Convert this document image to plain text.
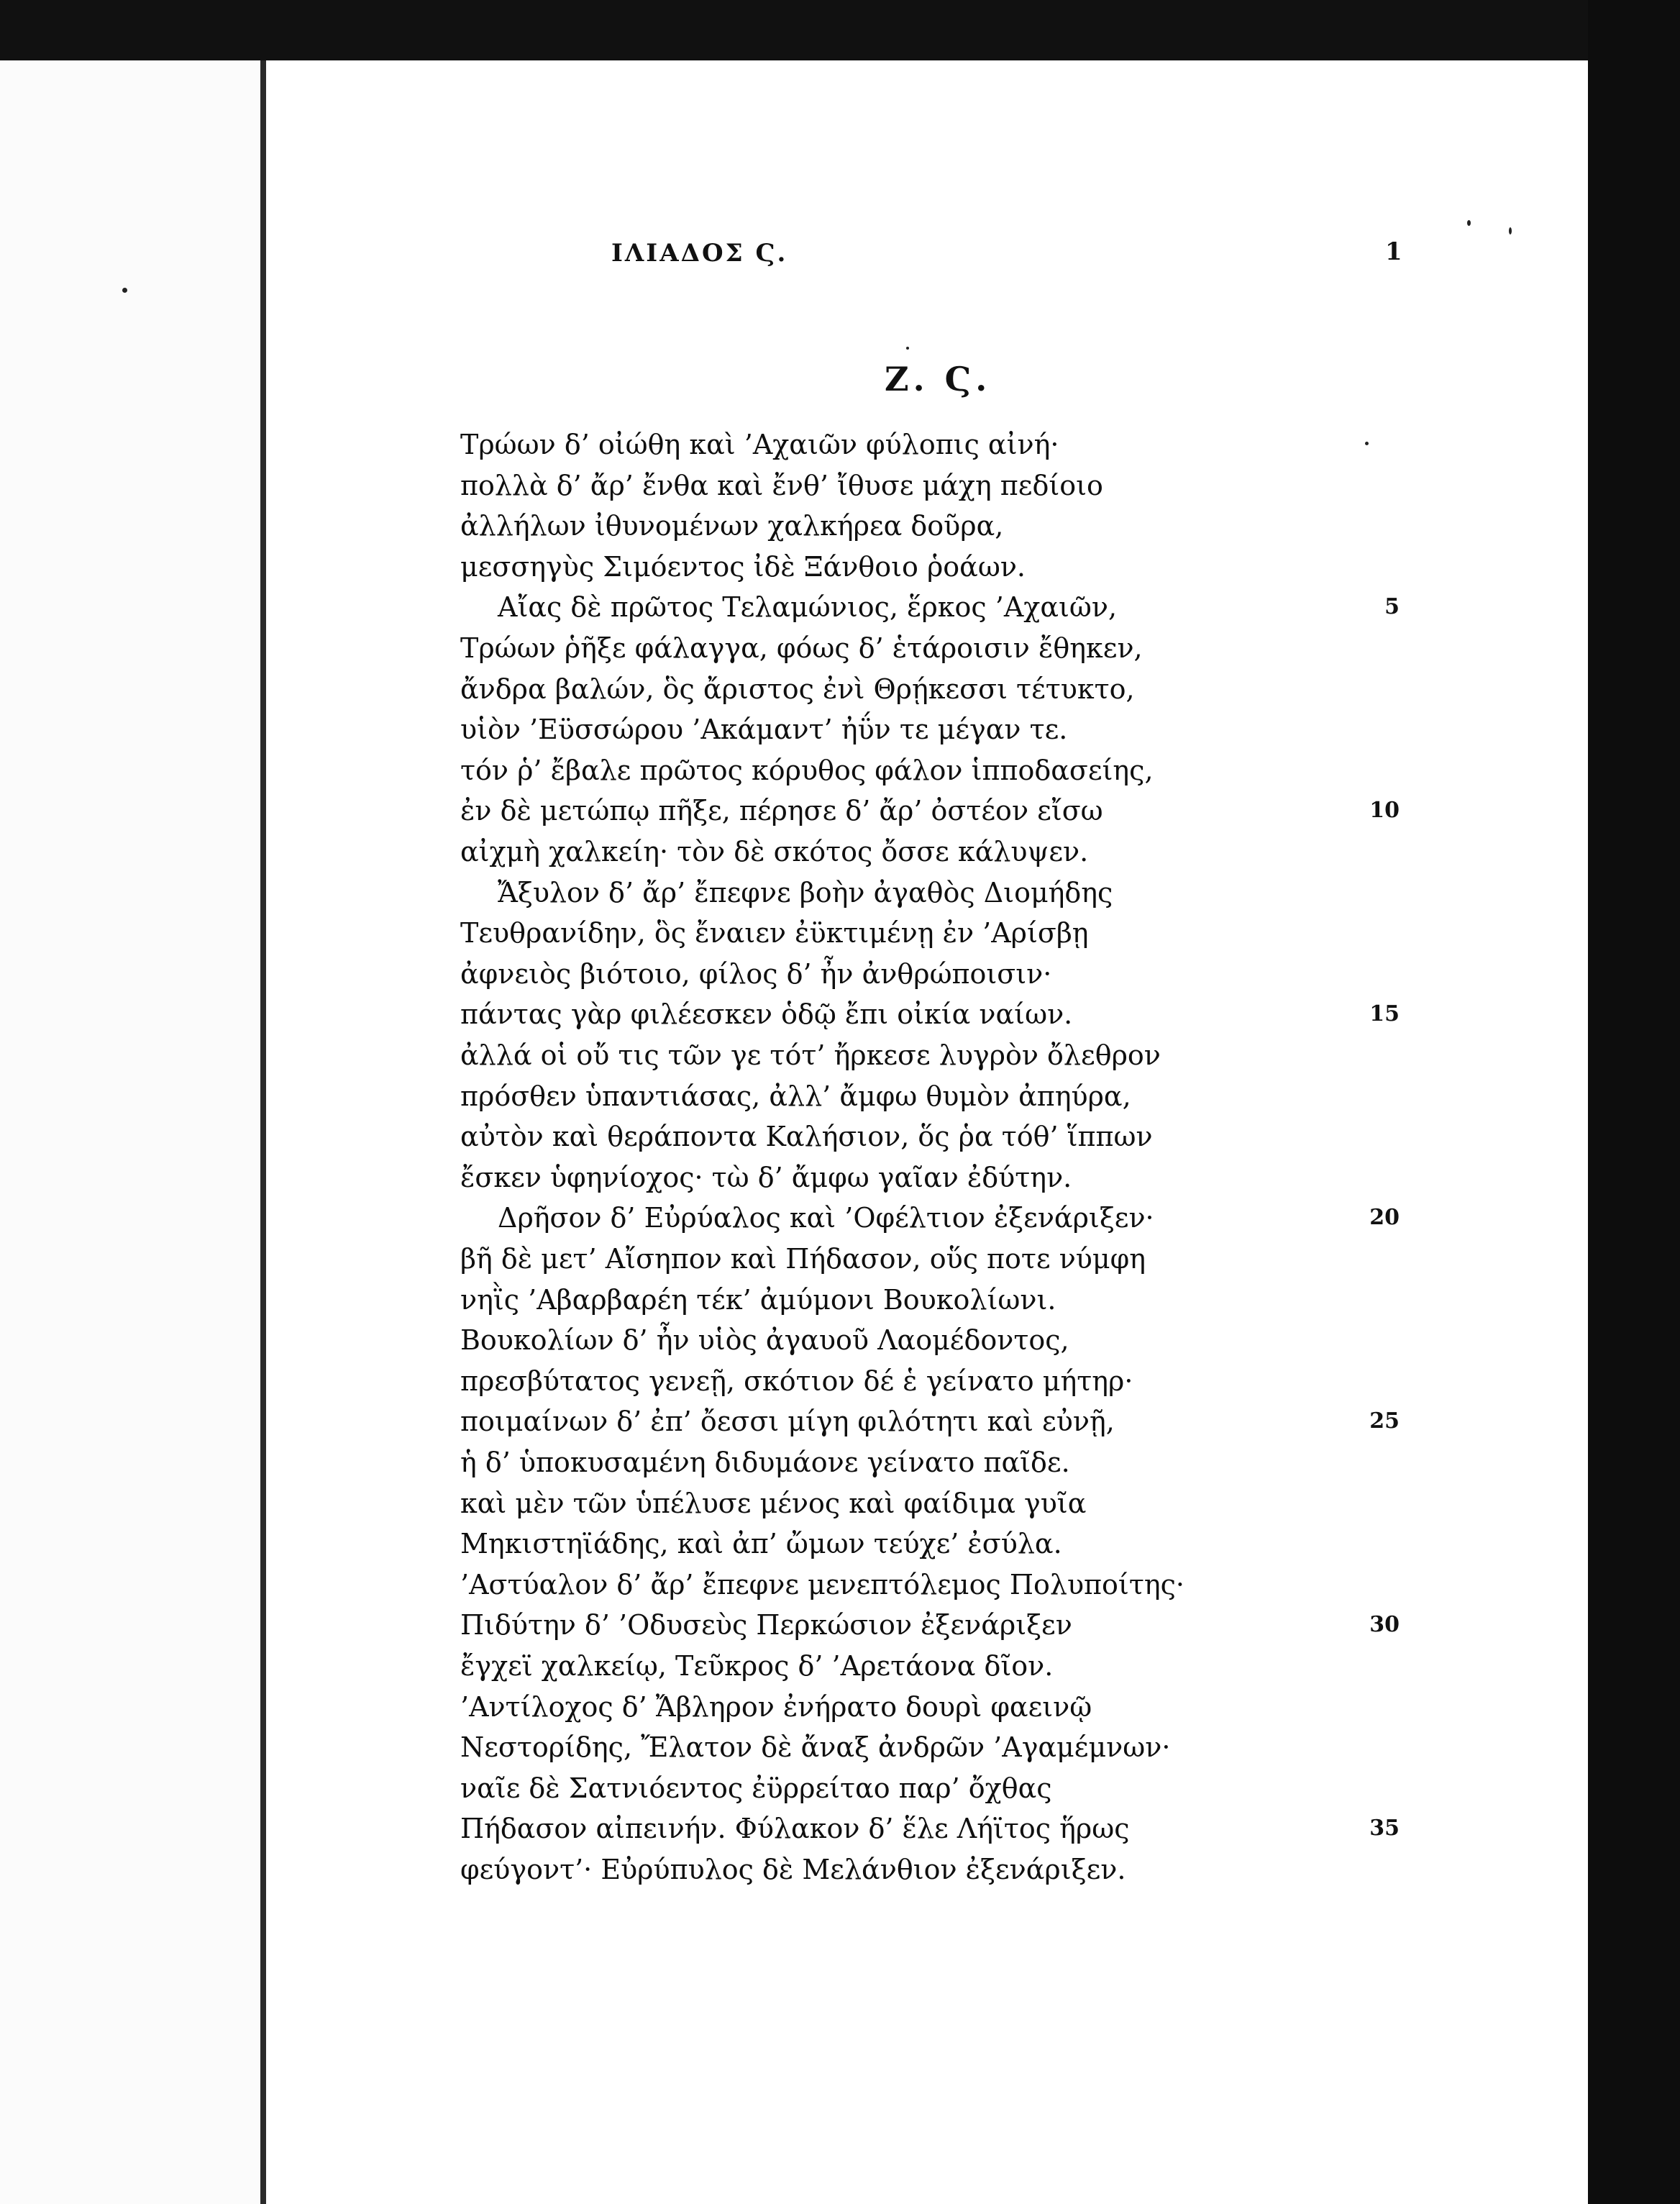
ΙΛΙΑΔΟΣ Ϛ.	1
Ζ. Ϛ.
Τρώων δ’ οἰώθη καὶ ’Αχαιῶν φύλοπις αἰνή·
πολλὰ δ’ ἄρ’ ἔνθα καὶ ἔνθ’ ἴθυσε μάχη πεδίοιο
ἀλλήλων ἰθυνομένων χαλκήρεα δοῦρα,
μεσσηγὺς Σιμόεντος ἰδὲ Ξάνθοιο ῥοάων.
Αἴας δὲ πρῶτος Τελαμώνιος, ἕρκος ’Αχαιῶν,	5
Τρώων ῥῆξε φάλαγγα, φόως δ’ ἑτάροισιν ἔθηκεν,
ἄνδρα βαλών, ὃς ἄριστος ἐνὶ Θρῄκεσσι τέτυκτο,
υἱὸν ’Εϋσσώρου ’Ακάμαντ’ ἠΰν τε μέγαν τε.
τόν ῥ’ ἔβαλε πρῶτος κόρυθος φάλον ἱπποδασείης,
ἐν δὲ μετώπῳ πῆξε, πέρησε δ’ ἄρ’ ὀστέον εἴσω	10
αἰχμὴ χαλκείη· τὸν δὲ σκότος ὄσσε κάλυψεν.
Ἄξυλον δ’ ἄρ’ ἔπεφνε βοὴν ἀγαθὸς Διομήδης
Τευθρανίδην, ὃς ἔναιεν ἐϋκτιμένῃ ἐν ’Αρίσβῃ
ἀφνειὸς βιότοιο, φίλος δ’ ἦν ἀνθρώποισιν·
πάντας γὰρ φιλέεσκεν ὁδῷ ἔπι οἰκία ναίων.	15
ἀλλά οἱ οὔ τις τῶν γε τότ’ ἤρκεσε λυγρὸν ὄλεθρον
πρόσθεν ὑπαντιάσας, ἀλλ’ ἄμφω θυμὸν ἀπηύρα,
αὐτὸν καὶ θεράποντα Καλήσιον, ὅς ῥα τόθ’ ἵππων
ἔσκεν ὑφηνίοχος· τὼ δ’ ἄμφω γαῖαν ἐδύτην.
Δρῆσον δ’ Εὐρύαλος καὶ ’Οφέλτιον ἐξενάριξεν·	20
βῆ δὲ μετ’ Αἴσηπον καὶ Πήδασον, οὕς ποτε νύμφη
νηῒς ’Αβαρβαρέη τέκ’ ἀμύμονι Βουκολίωνι.
Βουκολίων δ’ ἦν υἱὸς ἀγαυοῦ Λαομέδοντος,
πρεσβύτατος γενεῇ, σκότιον δέ ἑ γείνατο μήτηρ·
ποιμαίνων δ’ ἐπ’ ὄεσσι μίγη φιλότητι καὶ εὐνῇ,	25
ἡ δ’ ὑποκυσαμένη διδυμάονε γείνατο παῖδε.
καὶ μὲν τῶν ὑπέλυσε μένος καὶ φαίδιμα γυῖα
Μηκιστηϊάδης, καὶ ἀπ’ ὤμων τεύχε’ ἐσύλα.
’Αστύαλον δ’ ἄρ’ ἔπεφνε μενεπτόλεμος Πολυποίτης·
Πιδύτην δ’ ’Οδυσεὺς Περκώσιον ἐξενάριξεν	30
ἔγχεϊ χαλκείῳ, Τεῦκρος δ’ ’Αρετάονα δῖον.
’Αντίλοχος δ’ Ἄβληρον ἐνήρατο δουρὶ φαεινῷ
Νεστορίδης, Ἔλατον δὲ ἄναξ ἀνδρῶν ’Αγαμέμνων·
ναῖε δὲ Σατνιόεντος ἐϋρρείταο παρ’ ὄχθας
Πήδασον αἰπεινήν. Φύλακον δ’ ἕλε Λήϊτος ἥρως	35
φεύγοντ’· Εὐρύπυλος δὲ Μελάνθιον ἐξενάριξεν.
